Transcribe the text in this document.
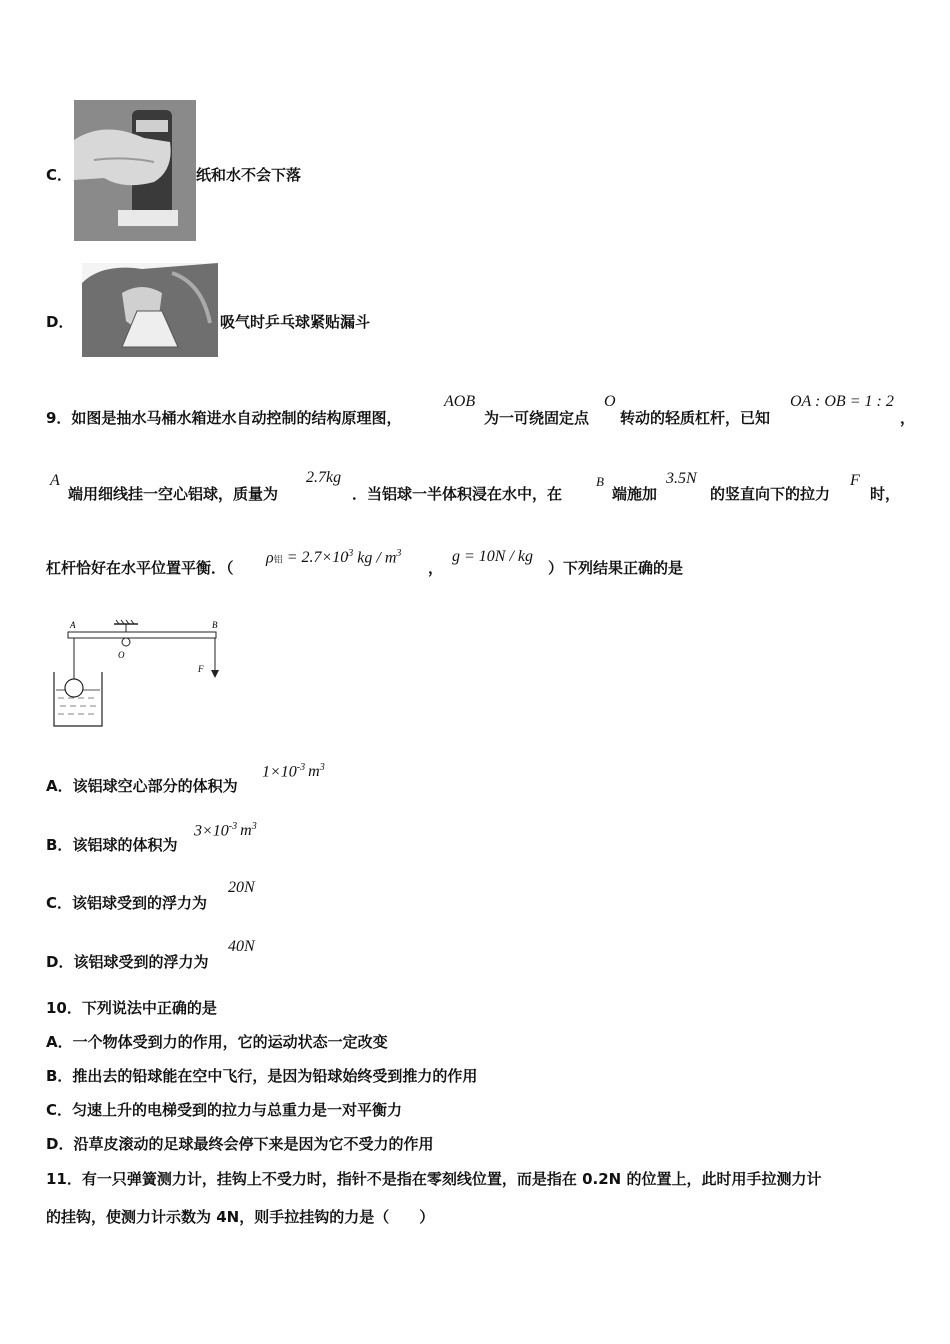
C．	纸和水不会下落
D．	吸气时乒乓球紧贴漏斗
9．如图是抽水马桶水箱进水自动控制的结构原理图，
AOB
为一可绕固定点
O
转动的轻质杠杆，已知
OA : OB = 1 : 2
，
A
端用细线挂一空心铝球，质量为
2.7kg
．当铝球一半体积浸在水中，在
B
端施加
3.5N
的竖直向下的拉力
F
时，
杠杆恰好在水平位置平衡．（
ρ铝 = $2.7\times 10^3$ kg / $m^3$
，
g = 10N / kg
）下列结果正确的是
A	B
O
F
A．该铝球空心部分的体积为
$1\times 10^{-3}$ $m^3$
B．该铝球的体积为
$3\times 10^{-3}$ $m^3$
C．该铝球受到的浮力为
20N
D．该铝球受到的浮力为
40N
10．下列说法中正确的是
A．一个物体受到力的作用，它的运动状态一定改变
B．推出去的铅球能在空中飞行，是因为铅球始终受到推力的作用
C．匀速上升的电梯受到的拉力与总重力是一对平衡力
D．沿草皮滚动的足球最终会停下来是因为它不受力的作用
11．有一只弹簧测力计，挂钩上不受力时，指针不是指在零刻线位置，而是指在 0.2N 的位置上，此时用手拉测力计
的挂钩，使测力计示数为 4N，则手拉挂钩的力是（　　）
